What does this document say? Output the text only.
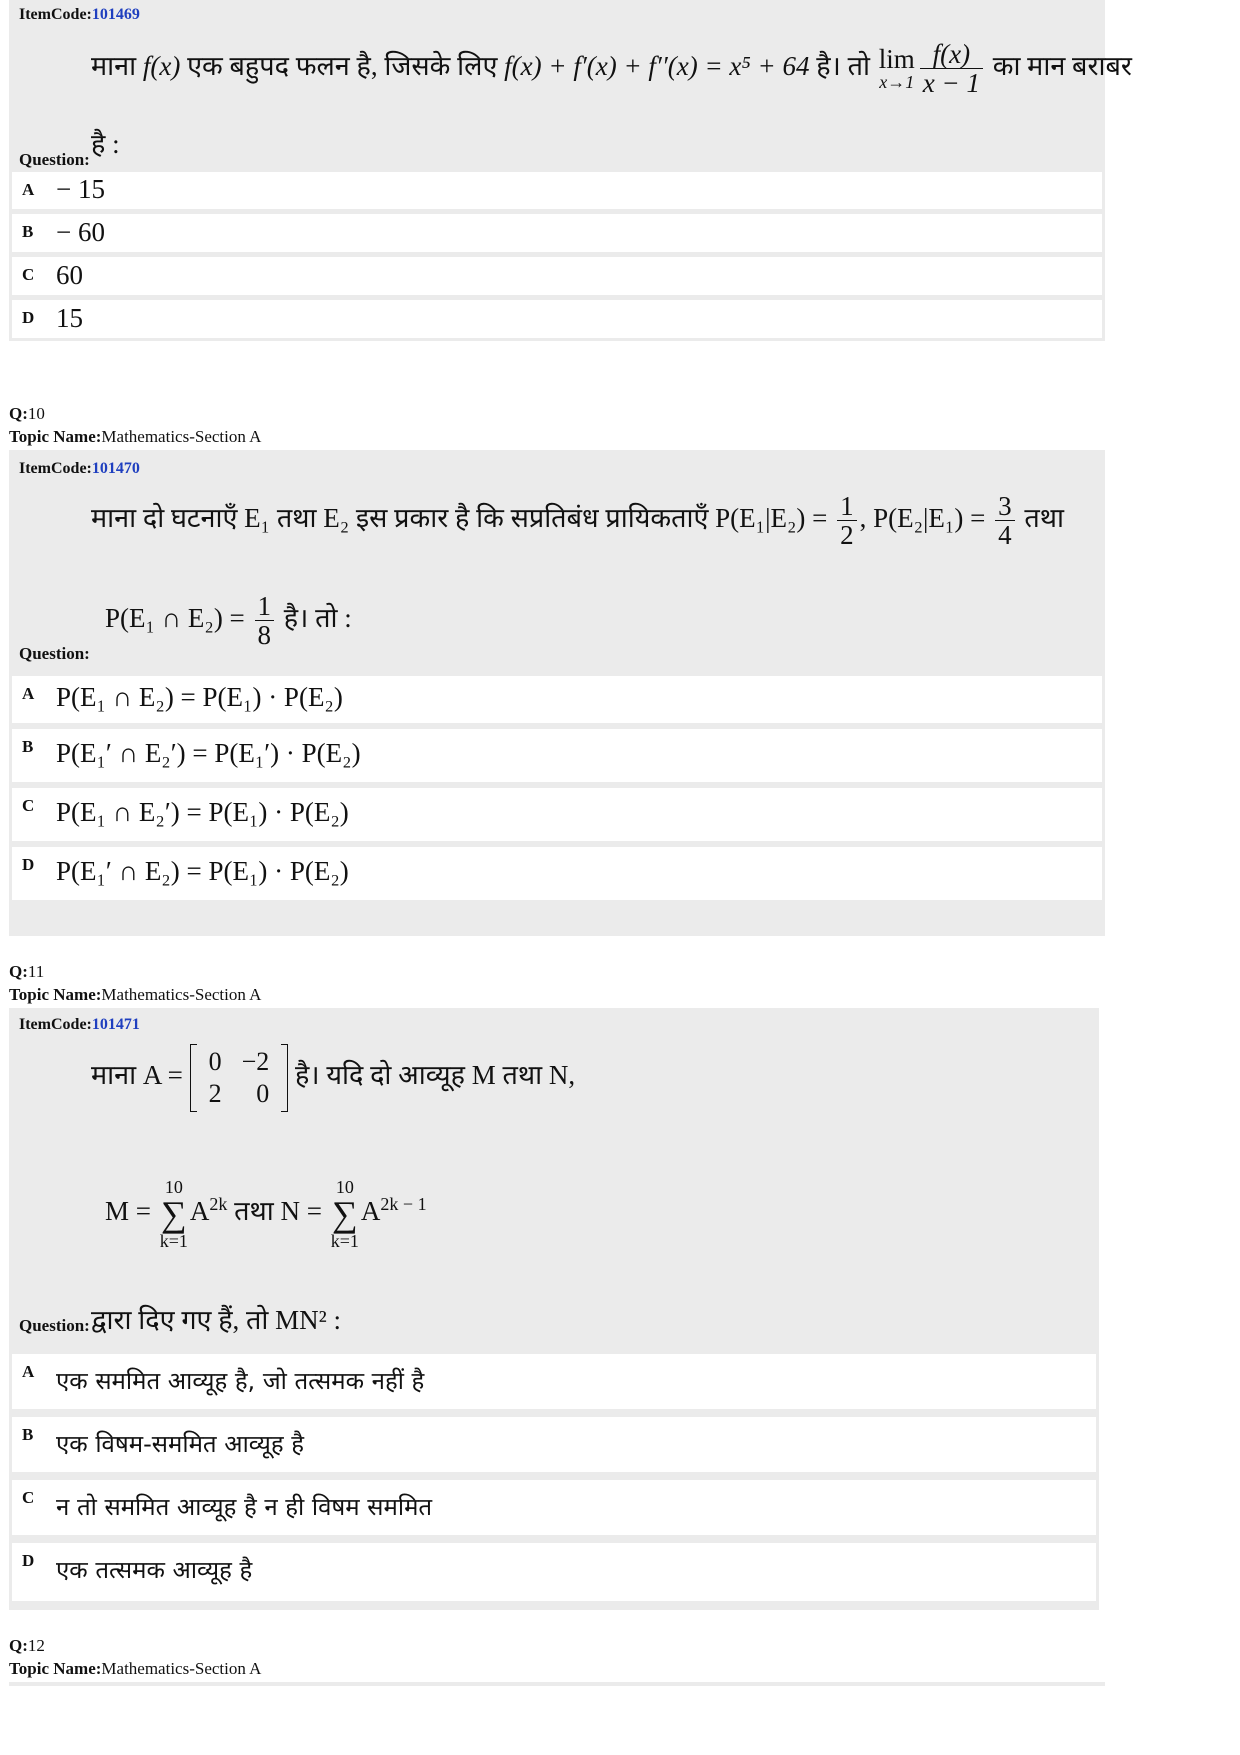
ItemCode:101469
माना f(x) एक बहुपद फलन है, जिसके लिए f(x) + f′(x) + f′′(x) = x⁵ + 64 है। तो lim
$x\to 1 \frac{f(x)}{x - 1}$ का मान बराबर
है :
Question:
A − 15
B − 60
C 60
D 15
Q:10
Topic Name:Mathematics-Section A
ItemCode:101470
माना दो घटनाएँ E₁ तथा E₂ इस प्रकार है कि सप्रतिबंध प्रायिकताएँ $P(E_1|E_2) = \frac{1}{2}$ , $P(E_2|E_1) = \frac{3}{4}$ तथा
P(E₁ ∩ $E_2) = \frac{1}{8}$ है। तो :
Question:
A P(E₁ ∩ E₂) = P(E₁) · P(E₂)
B P(E₁′ ∩ E₂′) = P(E₁′) · P(E₂)
C P(E₁ ∩ E₂′) = P(E₁) · P(E₂)
D P(E₁′ ∩ E₂) = P(E₁) · P(E₂)
Q:11
Topic Name:Mathematics-Section A
ItemCode:101471
माना A = 0	−2
2	0
है। यदि दो आव्यूह M तथा N,
M =
10
∑
k=1
$A^{2k}$ तथा N =
10
∑
k=1
$A^{2k - 1}$
द्वारा दिए गए हैं, तो MN² :
Question:
A एक सममित आव्यूह है, जो तत्समक नहीं है
B एक विषम-सममित आव्यूह है
C न तो सममित आव्यूह है न ही विषम सममित
D एक तत्समक आव्यूह है
Q:12
Topic Name:Mathematics-Section A
